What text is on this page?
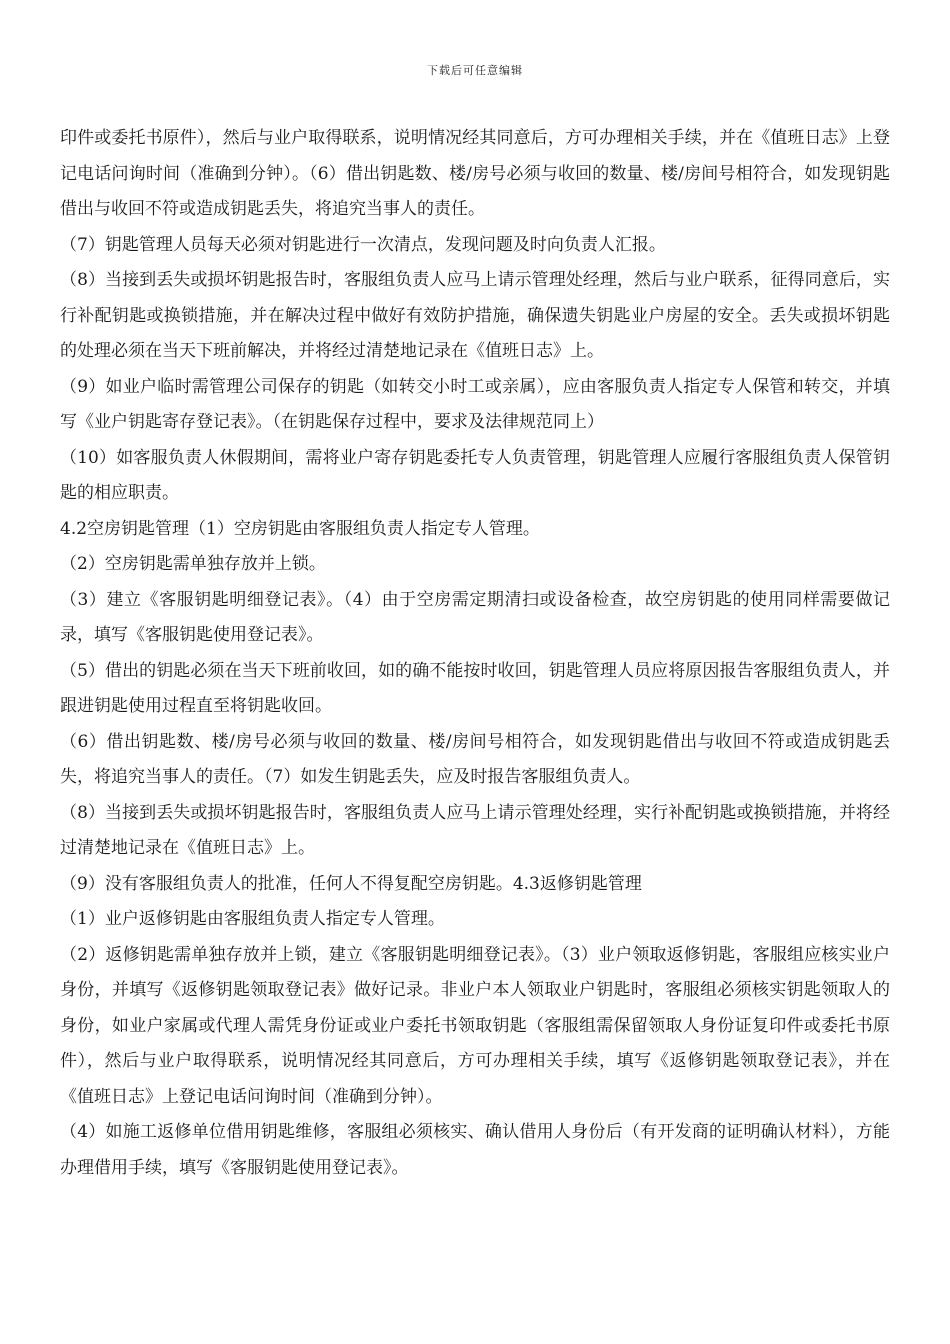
下载后可任意编辑

印件或委托书原件），然后与业户取得联系，说明情况经其同意后，方可办理相关手续，并在《值班日志》上登记电话问询时间（准确到分钟）。（6）借出钥匙数、楼/房号必须与收回的数量、楼/房间号相符合，如发现钥匙借出与收回不符或造成钥匙丢失，将追究当事人的责任。

（7）钥匙管理人员每天必须对钥匙进行一次清点，发现问题及时向负责人汇报。

（8）当接到丢失或损坏钥匙报告时，客服组负责人应马上请示管理处经理，然后与业户联系，征得同意后，实行补配钥匙或换锁措施，并在解决过程中做好有效防护措施，确保遗失钥匙业户房屋的安全。丢失或损坏钥匙的处理必须在当天下班前解决，并将经过清楚地记录在《值班日志》上。

（9）如业户临时需管理公司保存的钥匙（如转交小时工或亲属），应由客服负责人指定专人保管和转交，并填写《业户钥匙寄存登记表》。（在钥匙保存过程中，要求及法律规范同上）

（10）如客服负责人休假期间，需将业户寄存钥匙委托专人负责管理，钥匙管理人应履行客服组负责人保管钥匙的相应职责。

4.2空房钥匙管理（1）空房钥匙由客服组负责人指定专人管理。

（2）空房钥匙需单独存放并上锁。

（3）建立《客服钥匙明细登记表》。（4）由于空房需定期清扫或设备检查，故空房钥匙的使用同样需要做记录，填写《客服钥匙使用登记表》。

（5）借出的钥匙必须在当天下班前收回，如的确不能按时收回，钥匙管理人员应将原因报告客服组负责人，并跟进钥匙使用过程直至将钥匙收回。

（6）借出钥匙数、楼/房号必须与收回的数量、楼/房间号相符合，如发现钥匙借出与收回不符或造成钥匙丢失，将追究当事人的责任。（7）如发生钥匙丢失，应及时报告客服组负责人。

（8）当接到丢失或损坏钥匙报告时，客服组负责人应马上请示管理处经理，实行补配钥匙或换锁措施，并将经过清楚地记录在《值班日志》上。

（9）没有客服组负责人的批准，任何人不得复配空房钥匙。4.3返修钥匙管理

（1）业户返修钥匙由客服组负责人指定专人管理。

（2）返修钥匙需单独存放并上锁，建立《客服钥匙明细登记表》。（3）业户领取返修钥匙，客服组应核实业户身份，并填写《返修钥匙领取登记表》做好记录。非业户本人领取业户钥匙时，客服组必须核实钥匙领取人的身份，如业户家属或代理人需凭身份证或业户委托书领取钥匙（客服组需保留领取人身份证复印件或委托书原件），然后与业户取得联系，说明情况经其同意后，方可办理相关手续，填写《返修钥匙领取登记表》，并在《值班日志》上登记电话问询时间（准确到分钟）。

（4）如施工返修单位借用钥匙维修，客服组必须核实、确认借用人身份后（有开发商的证明确认材料），方能办理借用手续，填写《客服钥匙使用登记表》。
